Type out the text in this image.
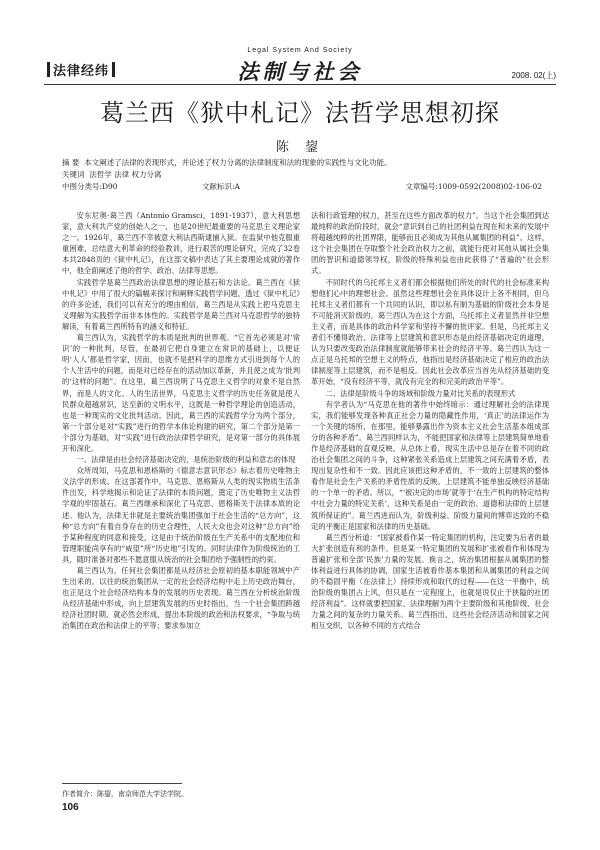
Legal System And Society
法律经纬	法制与社会	2008. 02(上)
葛兰西《狱中札记》法哲学思想初探
陈 鋆
摘 要 本文阐述了法律的表现形式，并论述了权力分离的法律制度和法的现象的实践性与文化功能。
关键词 法哲学 法律 权力分离
中图分类号:D90	文献标识:A	文章编号:1009-0592(2008)02-106-02

安东尼奥·葛兰西（Antonio Gramsci，1891-1937），意大利思想家，意大利共产党的创始人之一，也是20世纪最重要的马克思主义理论家之一。1926年，葛兰西不幸被意大利法西斯逮捕入狱。在监狱中他克服重重困难，总结意大利革命的经验教训，进行艰苦的理论研究，完成了32卷本共2848页的《狱中札记》，在这部文稿中表达了其主要理论成就的著作中，他全面阐述了他的哲学、政治、法律等思想。

实践哲学是葛兰西政治法律思想的理论基石和方法论。葛兰西在《狱中札记》中用了很大的篇幅来探讨和阐释实践哲学问题，透过《狱中札记》的许多论述，我们可以有充分的理由相信，葛兰西是从实践上把马克思主义理解为实践哲学而非本体性的。实践哲学是葛兰西对马克思哲学的独特解读，有着葛兰西所特有的涵义和特征。

葛兰西认为，实践哲学的本质是批判的世界观。“它首先必须是对‘常识’的一种批判，尽管，在最初它把自身建立在常识的基础上，以便证明‘人人’都是哲学家，因而，也就不是把科学的思维方式引进到每个人的个人生活中的问题，而是对已经存在的活动加以革新，并且使之成为‘批判的’这样的问题”。在这里，葛兰西说明了马克思主义哲学的对象不是自然界，而是人的文化、人的生活世界，马克思主义哲学的历史任务就是使人民群众超越常识，达至新的文明水平，这既是一种哲学理论的创造活动，也是一种现实的文化批判活动。因此，葛兰西的实践哲学分为两个部分，第一个部分是对“实践”进行的哲学本体论构建的研究，第二个部分是第一个部分为基础，对“实践”进行政治法律哲学研究，是对第一部分的具体展开和深化。

一、法律是由社会经济基础决定的，是统治阶级的利益和意志的体现

众所周知，马克思和恩格斯的《德意志意识形态》标志着历史唯物主义法学的形成。在这部著作中，马克思、恩格斯从人类的现实物质生活条件出发，科学地揭示和论证了法律的本质问题，奠定了历史唯物主义法哲学观的牢固基石。葛兰西继承和深化了马克思、恩格斯关于法律本质的论述。他认为，法律无非就是主要统治集团强加于社会生活的“总方向”，这种“总方向”有着自身存在的历史合理性，人民大众也会对这种“总方向”给予某种程度的同意和接受，这是由于统治阶级在生产关系中的支配地位和管理职能尚享有的“威望”所“历史地”引发的。同时法律作为阶级统治的工具，随时准备对那些不愿意服从统治的社会集团给予强制性的约束。

葛兰西认为，任何社会集团都是从经济社会原初的基本职能领域中产生出来的。以往的统治集团从一定的社会经济结构中走上历史政治舞台，也正是这个社会经济结构本身的发展的历史表现。葛兰西在分析统治阶级从经济基础中形成，向上层建筑发展的历史时指出，当一个社会集团跨越经济社团时期，就必然会形成、提出本阶级的政治和法权要求，“争取与统治集团在政治和法律上的平等；要求参加立

法和行政管理的权力，甚至在这些方面改革的权力”。当这个社会集团到达最纯粹的政治阶段时，就会“意识到自己的社团利益在现在和未来的发展中将超越纯粹的社团界限，能够而且必须成为其他从属集团的利益”。这样，这个社会集团在夺取整个社会政治权力之前，就能行使对其他从属社会集团的智识和道德领导权，阶级的特殊利益也由此获得了“普遍的”社会形式。

不同时代的乌托邦主义者们都会根据他们所处的时代的社会标准来构想他们心中的理想社会。虽然这些理想社会在具体设计上各不相同，但乌托邦主义者们都有一个共同的认识，即以私有制为基础的阶级社会本身是不可能消灭阶级的。葛兰西认为在这个方面，乌托邦主义者显然并非空想主义者，而是具体的政治科学家和坚持不懈的批评家。但是，乌托邦主义者们不懂得政治、法律等上层建筑和意识形态是由经济基础决定的道理，认为只要改变政治法律制度就能够带来社会的经济平等。葛兰西认为这一点正是乌托邦的空想主义的特点，他指出是经济基础决定了相应的政治法律制度等上层建筑，而不是相反。因此社会改革应当首先从经济基础的变革开始，“没有经济平等，就没有完全的和完美的政治平等”。

二、法律是阶级斗争的场域和阶级力量对比关系的表现形式

有学者认为“马克思在他的著作中始终暗示：通过理解社会的法律现实，我们能够发现各种真正社会力量的隐藏性作用，‘真正’的法律运作为一个关键的场所，在那里，能够暴露出作为资本主义社会生活基本组成部分的各种矛盾”。葛兰西同样认为，不能把国家和法律等上层建筑简单地看作是经济基础的直观反映。从总体上看，现实生活中总是存在着不同的政治社会集团之间的斗争，这种紧张关系造成上层建筑之间充满着矛盾，表现出复杂性和不一致。因此应该把这种矛盾的，不一致的上层建筑的整体看作是社会生产关系的矛盾性质的反映。上层建筑不能单独反映经济基础的一个单一的矛盾。所以，“‘被决定的市场’就等于‘在生产机构的特定结构中社会力量的特定关系’，这种关系是由一定的政治、道德和法律的上层建筑所保证的”。葛兰西进而认为，阶级利益、阶级力量间的博弈达致的不稳定的平衡正是国家和法律的历史基础。

葛兰西分析道：“国家被看作某一特定集团的机构，注定要为后者的最大扩张创造有利的条件。但是某一特定集团的发展和扩张被看作和体现为普遍扩张和全部‘民族’力量的发展。换言之，统治集团根据从属集团的整体利益进行具体的协调，国家生活被看作基本集团和从属集团的利益之间的不稳固平衡（在法律上）持续形成和取代的过程——在这一平衡中，统治阶级的集团占上风，但只是在一定程度上，也就是说仅止于狭隘的社团经济利益”。这样就要把国家、法律理解为两个主要阶级和其他阶级、社会力量之间的复杂的力量关系。葛兰西指出，这些社会经济活动和国家之间相互交织，以各种不同的方式结合

作者简介：陈鋆，南京师范大学法学院。
106
